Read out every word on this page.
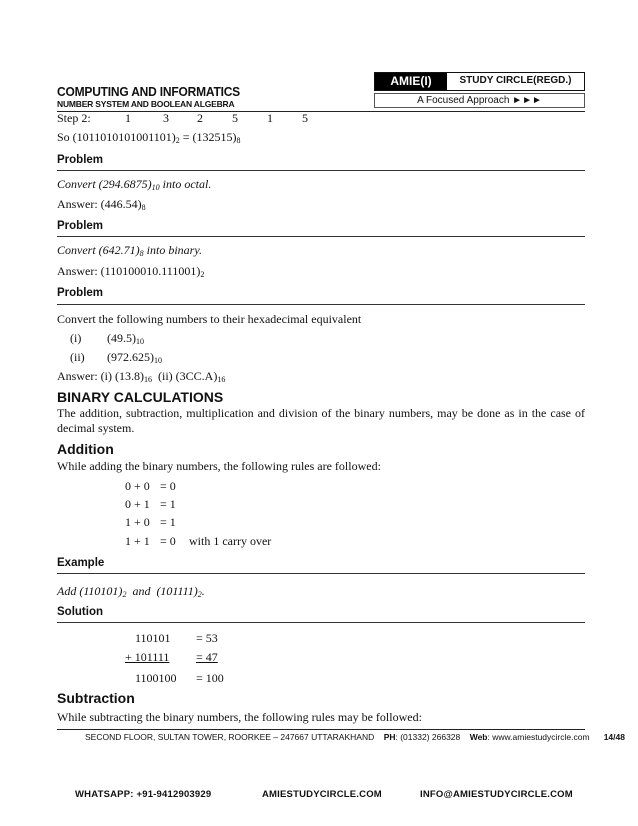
COMPUTING AND INFORMATICS
NUMBER SYSTEM AND BOOLEAN ALGEBRA
AMIE(I)	STUDY CIRCLE(REGD.)
A Focused Approach ►►►
Step 2:	1	3 2 5 1 5
So $(1011010101001101)_2 = (132515)_8$
Problem
Convert $(294.6875)_{10}$ into octal.
Answer: $(446.54)_8$
Problem
Convert $(642.71)_8$ into binary.
Answer: $(110100010.111001)_2$
Problem
Convert the following numbers to their hexadecimal equivalent
(i) $(49.5)_{10}$
(ii) $(972.625)_{10}$
Answer: (i) $(13.8)_{16}$  (ii) $(3CC.A)_{16}$
BINARY CALCULATIONS
The addition, subtraction, multiplication and division of the binary numbers, may be done as in the case of decimal system.
Addition
While adding the binary numbers, the following rules are followed:
0 + 0 = 0
0 + 1 = 1
1 + 0 = 1
1 + 1 = 0 with 1 carry over
Example
Add $(110101)_2$  and  $(101111)_2$.
Solution
110101 = 53
+ 101111 = 47
1100100 = 100
Subtraction
While subtracting the binary numbers, the following rules may be followed:
SECOND FLOOR, SULTAN TOWER, ROORKEE – 247667 UTTARAKHAND PH: (01332) 266328 Web: www.amiestudycircle.com 14/48
WHATSAPP: +91-9412903929	AMIESTUDYCIRCLE.COM	INFO@AMIESTUDYCIRCLE.COM
